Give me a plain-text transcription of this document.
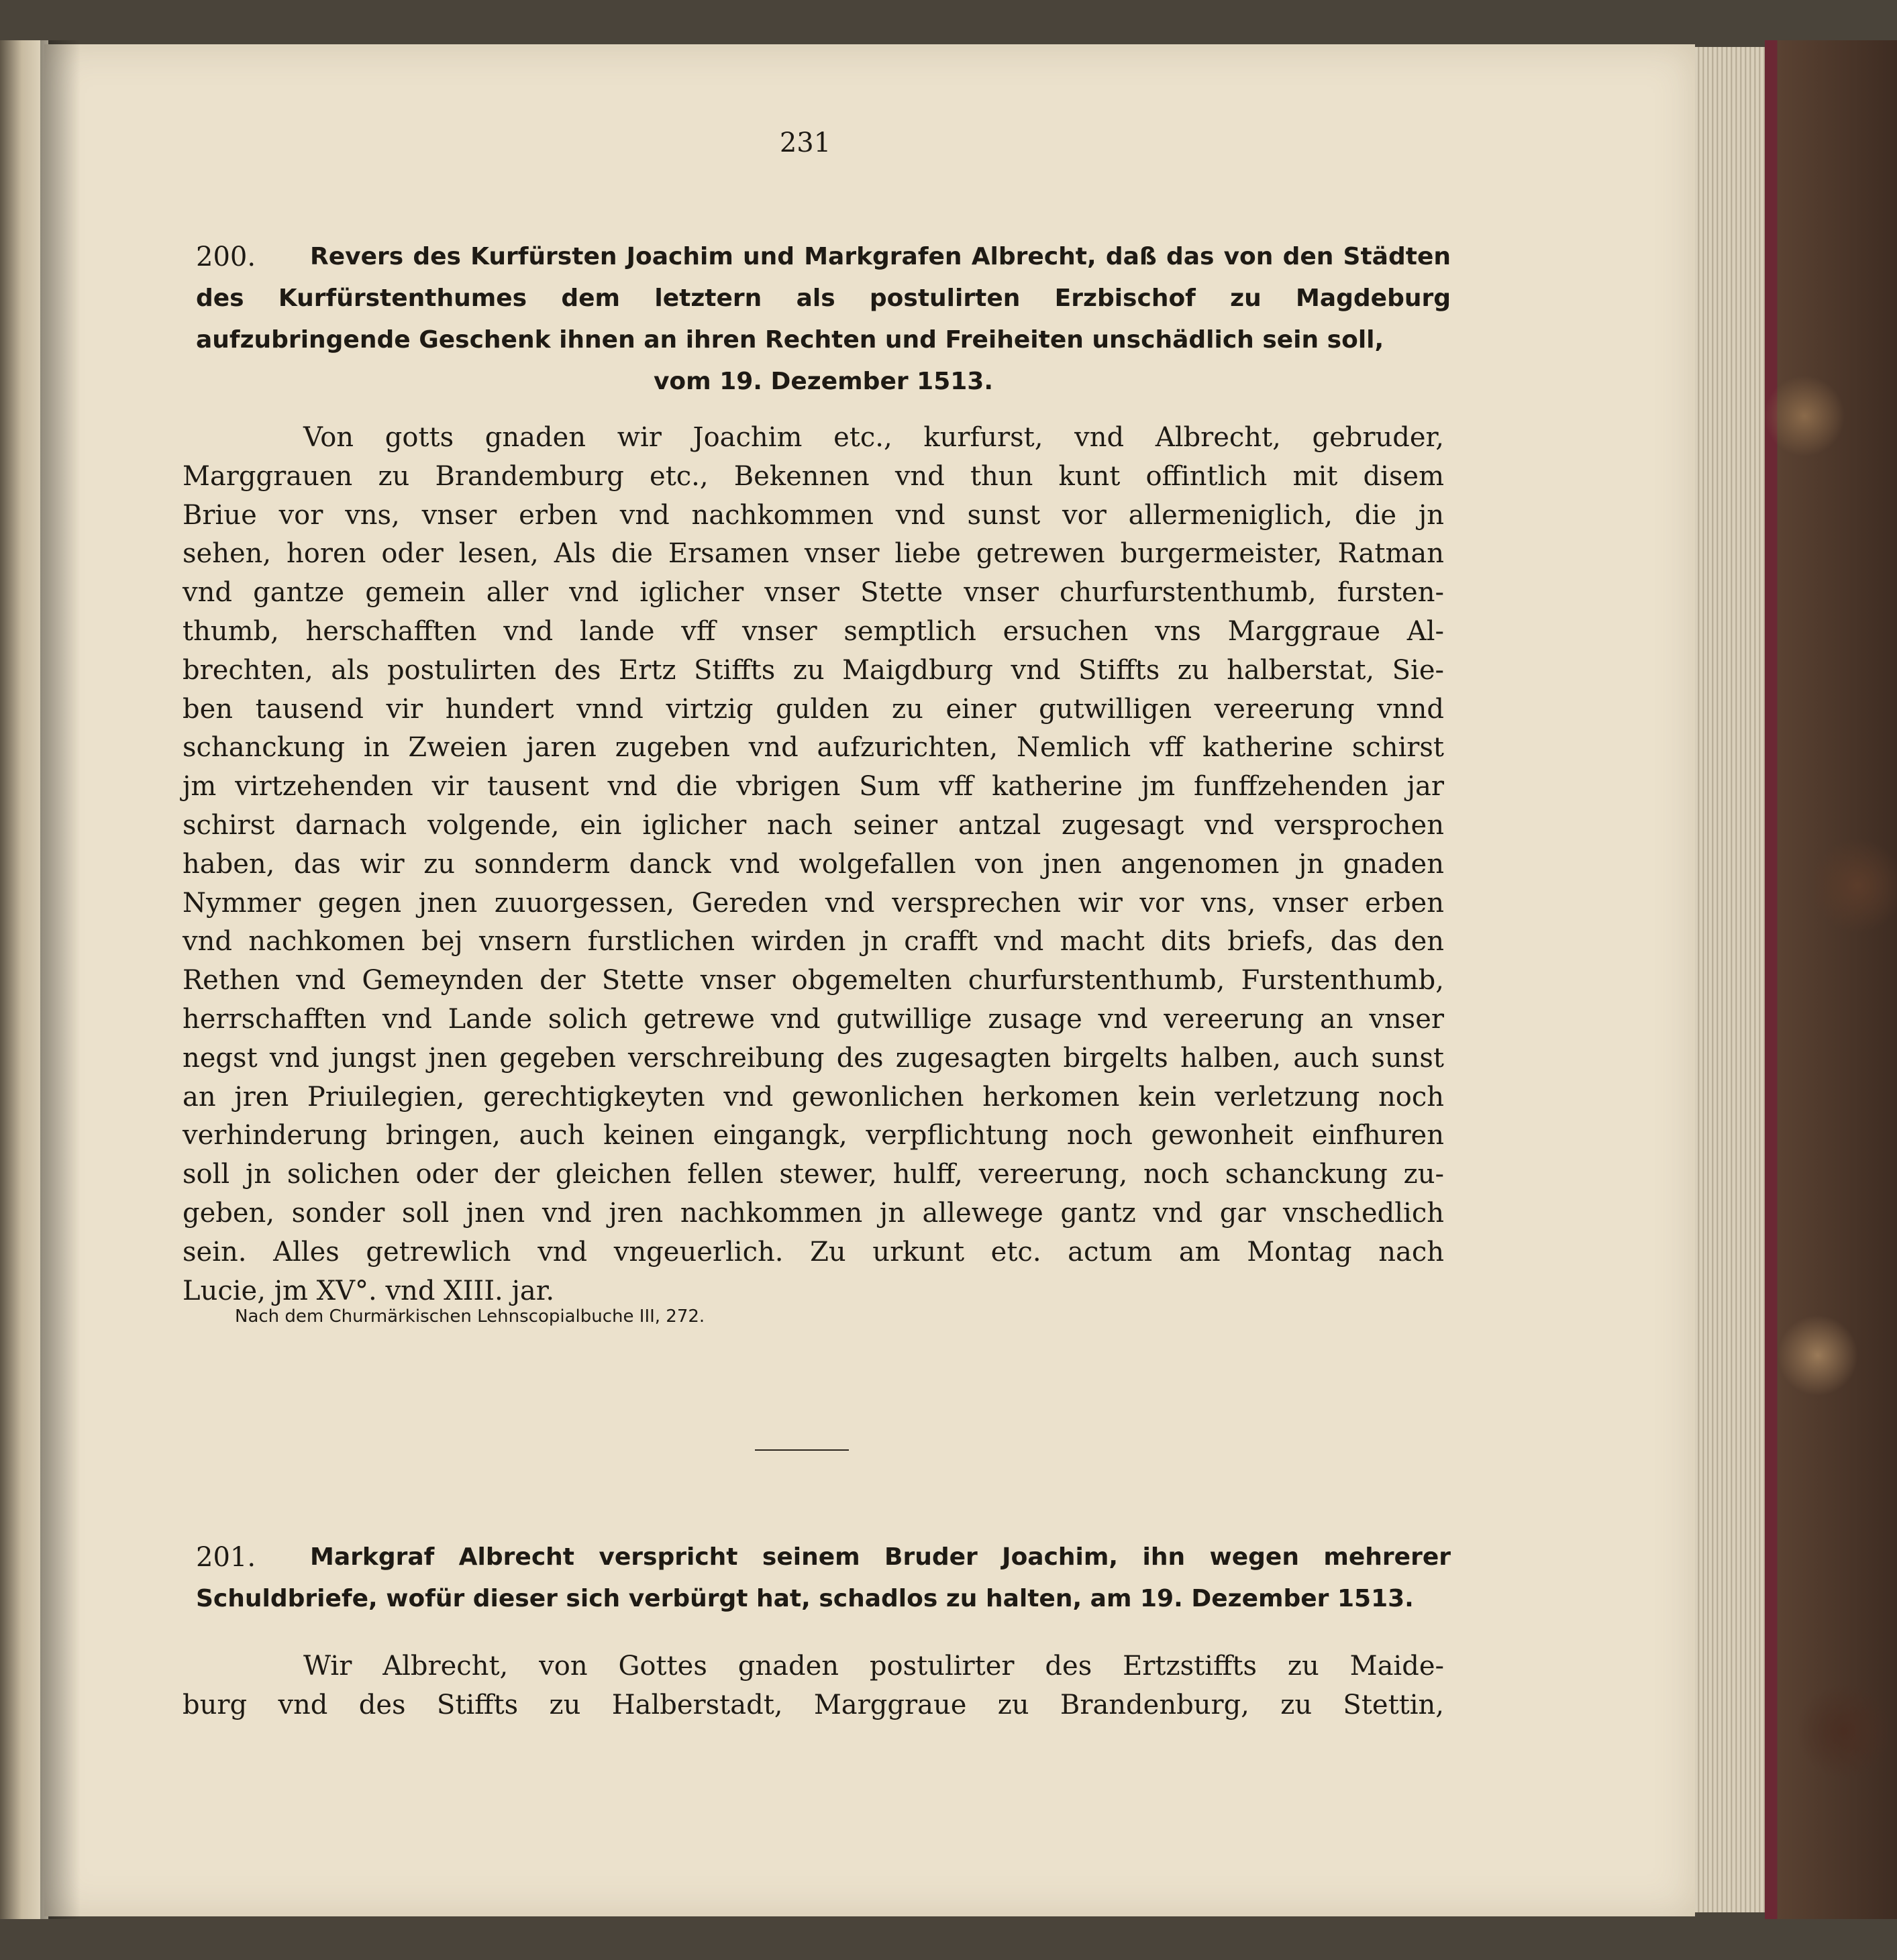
231
200.	Revers des Kurfürsten Joachim und Markgrafen Albrecht, daß das von den Städten des Kurfürstenthumes dem letztern als postulirten Erzbischof zu Magdeburg aufzubringende Geschenk ihnen an ihren Rechten und Freiheiten unschädlich sein soll,
vom 19. Dezember 1513.
Von gotts gnaden wir Joachim etc., kurfurst, vnd Albrecht, gebruder,
Marggrauen zu Brandemburg etc., Bekennen vnd thun kunt offintlich mit disem
Briue vor vns, vnser erben vnd nachkommen vnd sunst vor allermeniglich, die jn
sehen, horen oder lesen, Als die Ersamen vnser liebe getrewen burgermeister, Ratman
vnd gantze gemein aller vnd iglicher vnser Stette vnser churfurstenthumb, fursten-
thumb, herschafften vnd lande vff vnser semptlich ersuchen vns Marggraue Al-
brechten, als postulirten des Ertz Stiffts zu Maigdburg vnd Stiffts zu halberstat, Sie-
ben tausend vir hundert vnnd virtzig gulden zu einer gutwilligen vereerung vnnd
schanckung in Zweien jaren zugeben vnd aufzurichten, Nemlich vff katherine schirst
jm virtzehenden vir tausent vnd die vbrigen Sum vff katherine jm funffzehenden jar
schirst darnach volgende, ein iglicher nach seiner antzal zugesagt vnd versprochen
haben, das wir zu sonnderm danck vnd wolgefallen von jnen angenomen jn gnaden
Nymmer gegen jnen zuuorgessen, Gereden vnd versprechen wir vor vns, vnser erben
vnd nachkomen bej vnsern furstlichen wirden jn crafft vnd macht dits briefs, das den
Rethen vnd Gemeynden der Stette vnser obgemelten churfurstenthumb, Furstenthumb,
herrschafften vnd Lande solich getrewe vnd gutwillige zusage vnd vereerung an vnser
negst vnd jungst jnen gegeben verschreibung des zugesagten birgelts halben, auch sunst
an jren Priuilegien, gerechtigkeyten vnd gewonlichen herkomen kein verletzung noch
verhinderung bringen, auch keinen eingangk, verpflichtung noch gewonheit einfhuren
soll jn solichen oder der gleichen fellen stewer, hulff, vereerung, noch schanckung zu-
geben, sonder soll jnen vnd jren nachkommen jn allewege gantz vnd gar vnschedlich
sein. Alles getrewlich vnd vngeuerlich. Zu urkunt etc. actum am Montag nach
Lucie, jm XV°. vnd XIII. jar.
Nach dem Churmärkischen Lehnscopialbuche III, 272.
201.	Markgraf Albrecht verspricht seinem Bruder Joachim, ihn wegen mehrerer Schuldbriefe, wofür dieser sich verbürgt hat, schadlos zu halten, am 19. Dezember 1513.
Wir Albrecht, von Gottes gnaden postulirter des Ertzstiffts zu Maide-
burg vnd des Stiffts zu Halberstadt, Marggraue zu Brandenburg, zu Stettin,
